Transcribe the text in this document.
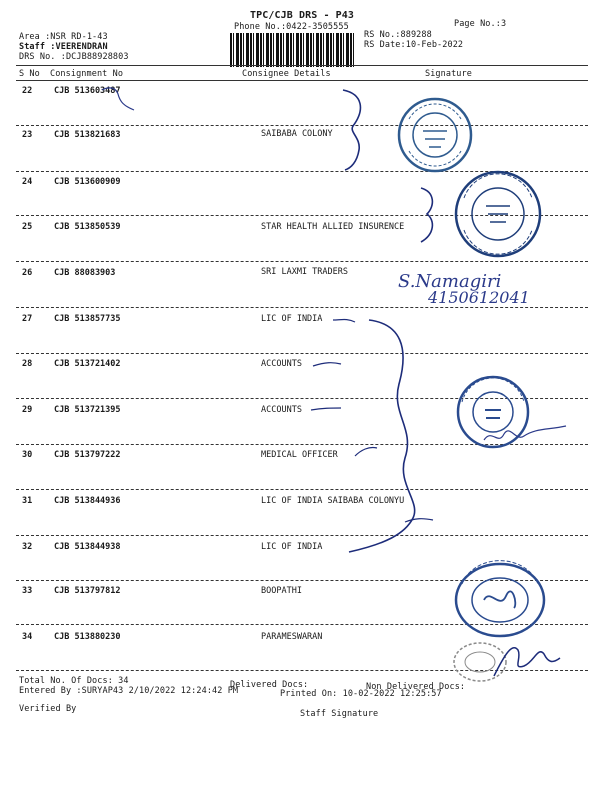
TPC/CJB DRS - P43
Phone No.:0422-3505555	Page No.:3
Area :NSR RD-1-43
Staff :VEERENDRAN
DRS No. :DCJB88928803
RS No.:889288
RS Date:10-Feb-2022
S No Consignment No	Consignee Details	Signature
22	CJB 513603487
23	CJB 513821683	SAIBABA COLONY
24	CJB 513600909
25	CJB 513850539	STAR HEALTH ALLIED INSURENCE
26	CJB 88083903	SRI LAXMI TRADERS
27	CJB 513857735	LIC OF INDIA
28	CJB 513721402	ACCOUNTS
29	CJB 513721395	ACCOUNTS
30	CJB 513797222	MEDICAL OFFICER
31	CJB 513844936	LIC OF INDIA SAIBABA COLONYU
32	CJB 513844938	LIC OF INDIA
33	CJB 513797812	BOOPATHI
34	CJB 513880230	PARAMESWARAN
Total No. Of Docs: 34	Delivered Docs:	Non Delivered Docs:
Entered By :SURYAP43 2/10/2022 12:24:42 PM	Printed On: 10-02-2022 12:25:57
Verified By	Staff Signature
S.Namagiri
4150612041
